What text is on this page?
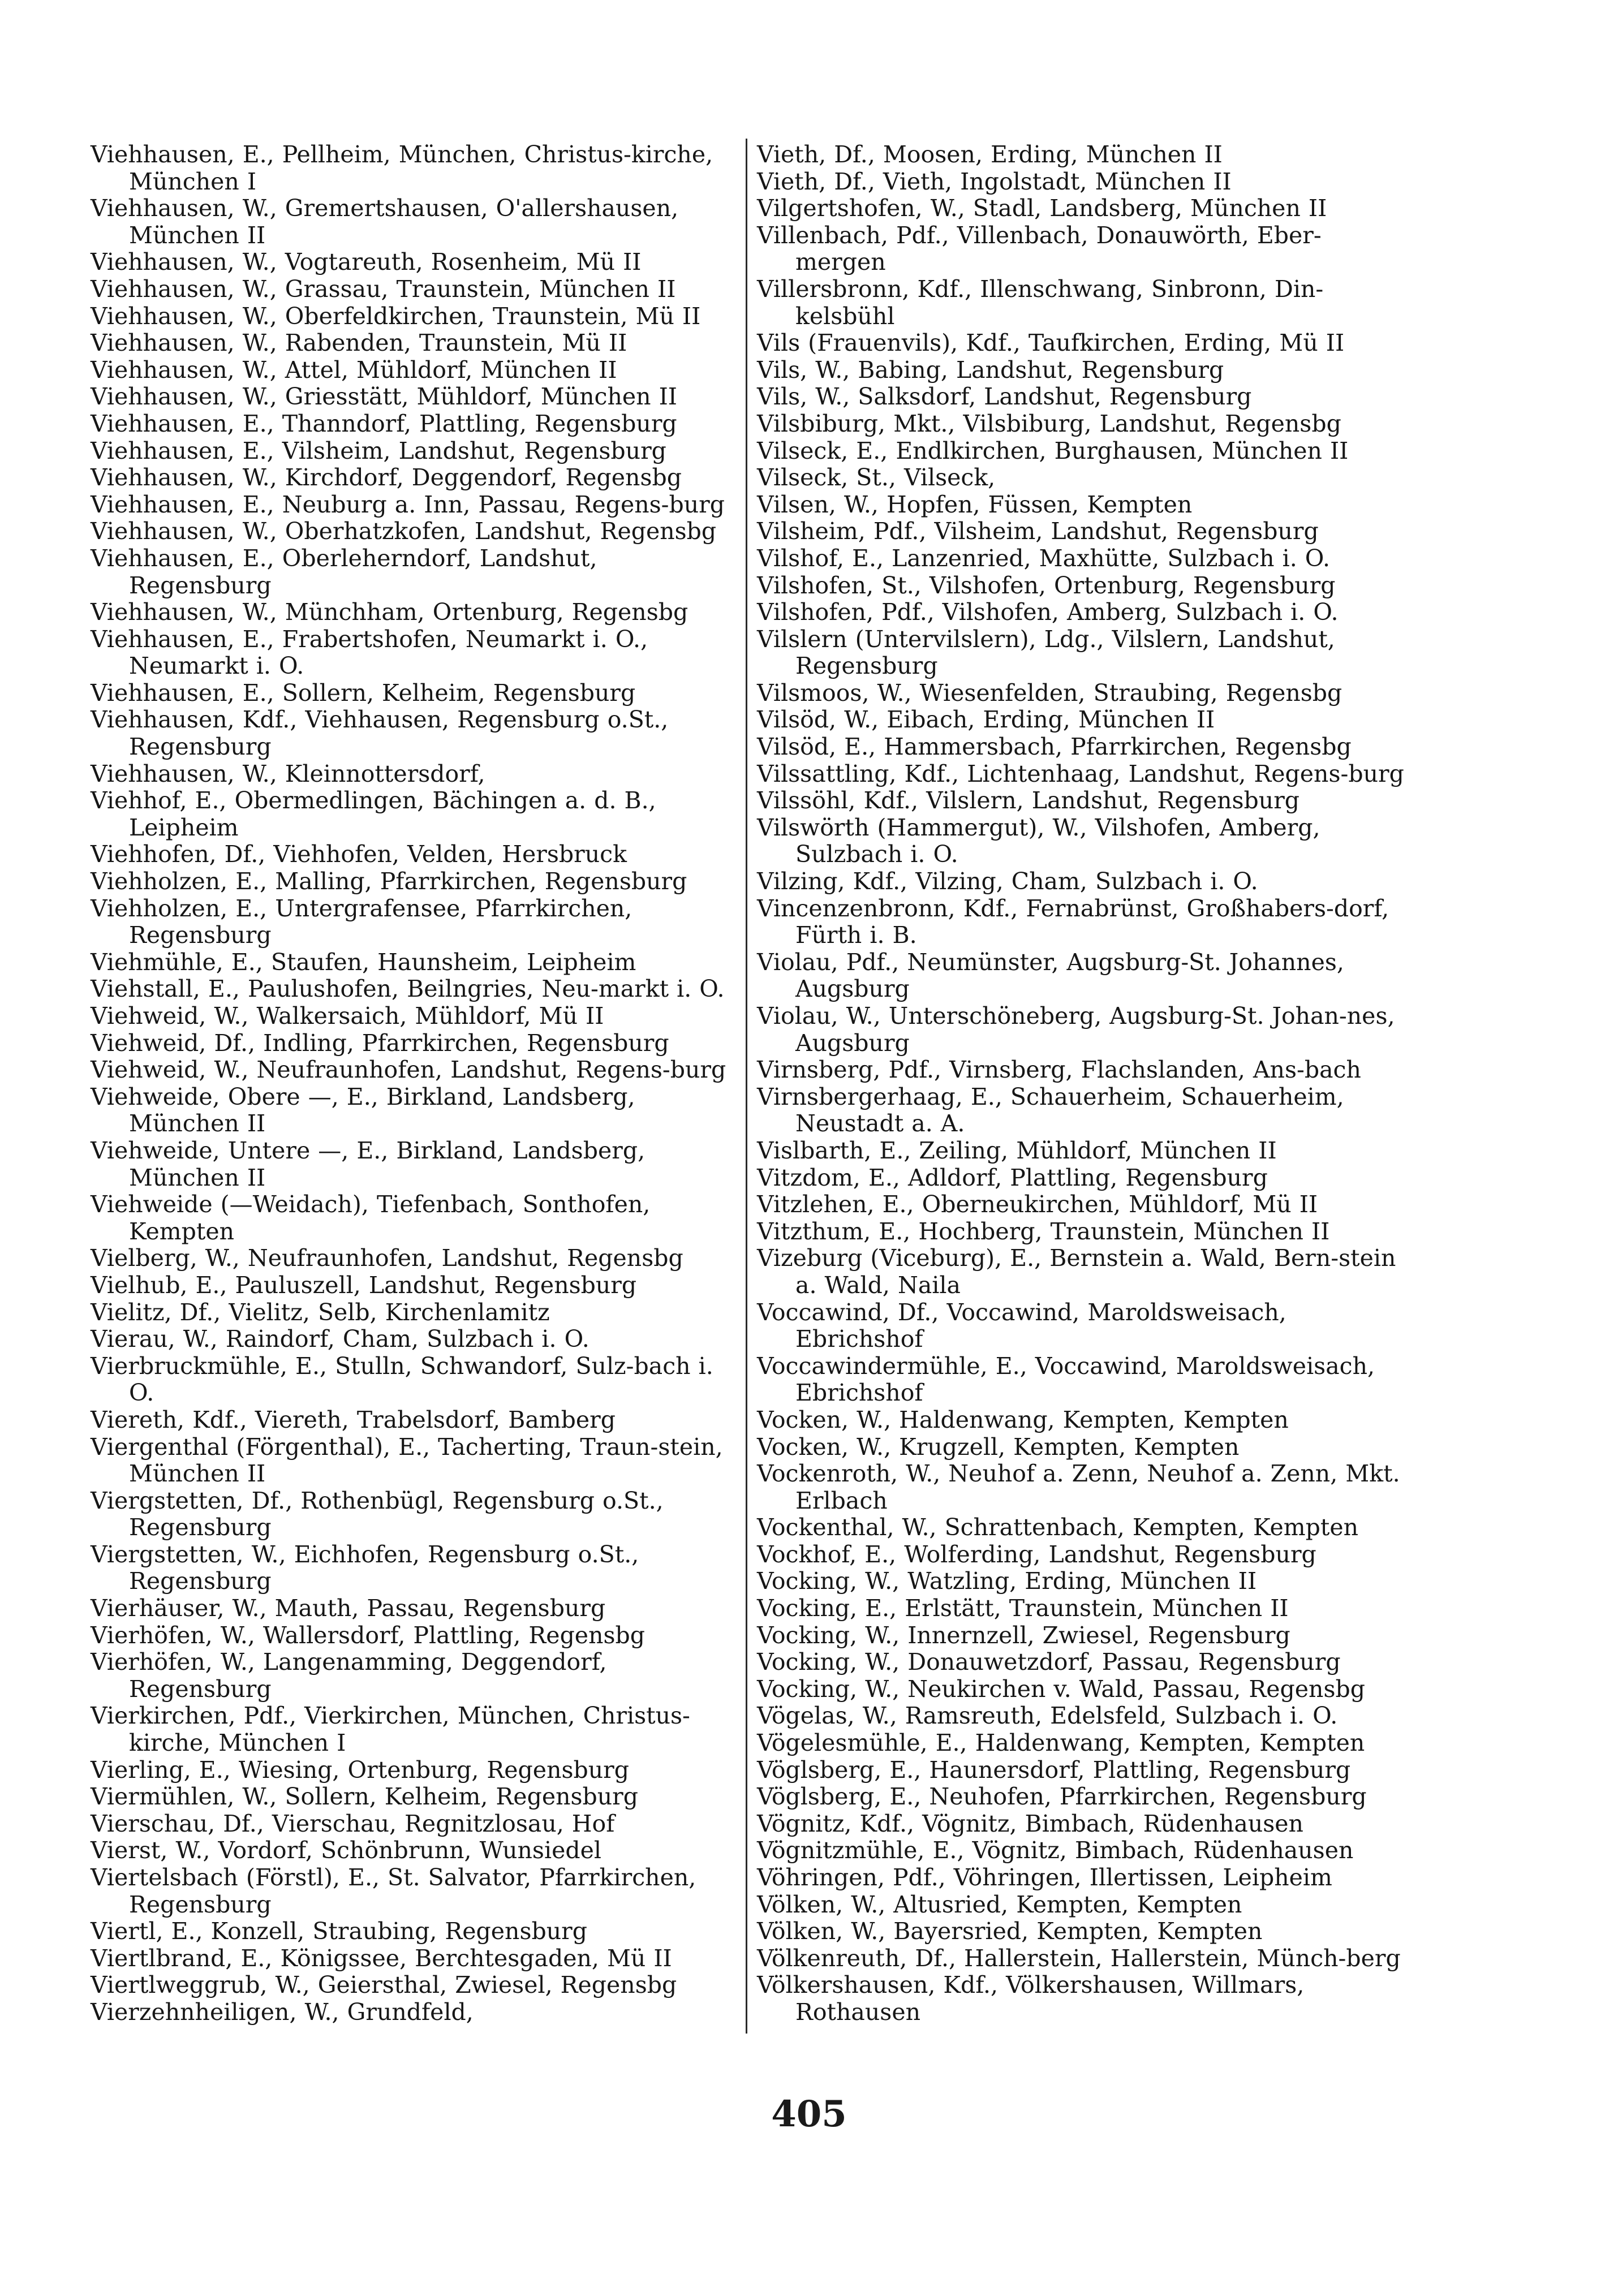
Viehhausen, E., Pellheim, München, Christus-kirche, München I

Viehhausen, W., Gremertshausen, O'allershausen, München II

Viehhausen, W., Vogtareuth, Rosenheim, Mü II

Viehhausen, W., Grassau, Traunstein, München II

Viehhausen, W., Oberfeldkirchen, Traunstein, Mü II

Viehhausen, W., Rabenden, Traunstein, Mü II

Viehhausen, W., Attel, Mühldorf, München II

Viehhausen, W., Griesstätt, Mühldorf, München II

Viehhausen, E., Thanndorf, Plattling, Regensburg

Viehhausen, E., Vilsheim, Landshut, Regensburg

Viehhausen, W., Kirchdorf, Deggendorf, Regensbg

Viehhausen, E., Neuburg a. Inn, Passau, Regens-burg

Viehhausen, W., Oberhatzkofen, Landshut, Regensbg

Viehhausen, E., Oberleherndorf, Landshut, Regensburg

Viehhausen, W., Münchham, Ortenburg, Regensbg

Viehhausen, E., Frabertshofen, Neumarkt i. O., Neumarkt i. O.

Viehhausen, E., Sollern, Kelheim, Regensburg

Viehhausen, Kdf., Viehhausen, Regensburg o.St., Regensburg

Viehhausen, W., Kleinnottersdorf,

Viehhof, E., Obermedlingen, Bächingen a. d. B., Leipheim

Viehhofen, Df., Viehhofen, Velden, Hersbruck

Viehholzen, E., Malling, Pfarrkirchen, Regensburg

Viehholzen, E., Untergrafensee, Pfarrkirchen, Regensburg

Viehmühle, E., Staufen, Haunsheim, Leipheim

Viehstall, E., Paulushofen, Beilngries, Neu-markt i. O.

Viehweid, W., Walkersaich, Mühldorf, Mü II

Viehweid, Df., Indling, Pfarrkirchen, Regensburg

Viehweid, W., Neufraunhofen, Landshut, Regens-burg

Viehweide, Obere —, E., Birkland, Landsberg, München II

Viehweide, Untere —, E., Birkland, Landsberg, München II

Viehweide (—Weidach), Tiefenbach, Sonthofen, Kempten

Vielberg, W., Neufraunhofen, Landshut, Regensbg

Vielhub, E., Pauluszell, Landshut, Regensburg

Vielitz, Df., Vielitz, Selb, Kirchenlamitz

Vierau, W., Raindorf, Cham, Sulzbach i. O.

Vierbruckmühle, E., Stulln, Schwandorf, Sulz-bach i. O.

Viereth, Kdf., Viereth, Trabelsdorf, Bamberg

Viergenthal (Förgenthal), E., Tacherting, Traun-stein, München II

Viergstetten, Df., Rothenbügl, Regensburg o.St., Regensburg

Viergstetten, W., Eichhofen, Regensburg o.St., Regensburg

Vierhäuser, W., Mauth, Passau, Regensburg

Vierhöfen, W., Wallersdorf, Plattling, Regensbg

Vierhöfen, W., Langenamming, Deggendorf, Regensburg

Vierkirchen, Pdf., Vierkirchen, München, Christus-kirche, München I

Vierling, E., Wiesing, Ortenburg, Regensburg

Viermühlen, W., Sollern, Kelheim, Regensburg

Vierschau, Df., Vierschau, Regnitzlosau, Hof

Vierst, W., Vordorf, Schönbrunn, Wunsiedel

Viertelsbach (Förstl), E., St. Salvator, Pfarrkirchen, Regensburg

Viertl, E., Konzell, Straubing, Regensburg

Viertlbrand, E., Königssee, Berchtesgaden, Mü II

Viertlweggrub, W., Geiersthal, Zwiesel, Regensbg

Vierzehnheiligen, W., Grundfeld,

Vieth, Df., Moosen, Erding, München II

Vieth, Df., Vieth, Ingolstadt, München II

Vilgertshofen, W., Stadl, Landsberg, München II

Villenbach, Pdf., Villenbach, Donauwörth, Eber-mergen

Villersbronn, Kdf., Illenschwang, Sinbronn, Din-kelsbühl

Vils (Frauenvils), Kdf., Taufkirchen, Erding, Mü II

Vils, W., Babing, Landshut, Regensburg

Vils, W., Salksdorf, Landshut, Regensburg

Vilsbiburg, Mkt., Vilsbiburg, Landshut, Regensbg

Vilseck, E., Endlkirchen, Burghausen, München II

Vilseck, St., Vilseck,

Vilsen, W., Hopfen, Füssen, Kempten

Vilsheim, Pdf., Vilsheim, Landshut, Regensburg

Vilshof, E., Lanzenried, Maxhütte, Sulzbach i. O.

Vilshofen, St., Vilshofen, Ortenburg, Regensburg

Vilshofen, Pdf., Vilshofen, Amberg, Sulzbach i. O.

Vilslern (Untervilslern), Ldg., Vilslern, Landshut, Regensburg

Vilsmoos, W., Wiesenfelden, Straubing, Regensbg

Vilsöd, W., Eibach, Erding, München II

Vilsöd, E., Hammersbach, Pfarrkirchen, Regensbg

Vilssattling, Kdf., Lichtenhaag, Landshut, Regens-burg

Vilssöhl, Kdf., Vilslern, Landshut, Regensburg

Vilswörth (Hammergut), W., Vilshofen, Amberg, Sulzbach i. O.

Vilzing, Kdf., Vilzing, Cham, Sulzbach i. O.

Vincenzenbronn, Kdf., Fernabrünst, Großhabers-dorf, Fürth i. B.

Violau, Pdf., Neumünster, Augsburg-St. Johannes, Augsburg

Violau, W., Unterschöneberg, Augsburg-St. Johan-nes, Augsburg

Virnsberg, Pdf., Virnsberg, Flachslanden, Ans-bach

Virnsbergerhaag, E., Schauerheim, Schauerheim, Neustadt a. A.

Vislbarth, E., Zeiling, Mühldorf, München II

Vitzdom, E., Adldorf, Plattling, Regensburg

Vitzlehen, E., Oberneukirchen, Mühldorf, Mü II

Vitzthum, E., Hochberg, Traunstein, München II

Vizeburg (Viceburg), E., Bernstein a. Wald, Bern-stein a. Wald, Naila

Voccawind, Df., Voccawind, Maroldsweisach, Ebrichshof

Voccawindermühle, E., Voccawind, Maroldsweisach, Ebrichshof

Vocken, W., Haldenwang, Kempten, Kempten

Vocken, W., Krugzell, Kempten, Kempten

Vockenroth, W., Neuhof a. Zenn, Neuhof a. Zenn, Mkt. Erlbach

Vockenthal, W., Schrattenbach, Kempten, Kempten

Vockhof, E., Wolferding, Landshut, Regensburg

Vocking, W., Watzling, Erding, München II

Vocking, E., Erlstätt, Traunstein, München II

Vocking, W., Innernzell, Zwiesel, Regensburg

Vocking, W., Donauwetzdorf, Passau, Regensburg

Vocking, W., Neukirchen v. Wald, Passau, Regensbg

Vögelas, W., Ramsreuth, Edelsfeld, Sulzbach i. O.

Vögelesmühle, E., Haldenwang, Kempten, Kempten

Vöglsberg, E., Haunersdorf, Plattling, Regensburg

Vöglsberg, E., Neuhofen, Pfarrkirchen, Regensburg

Vögnitz, Kdf., Vögnitz, Bimbach, Rüdenhausen

Vögnitzmühle, E., Vögnitz, Bimbach, Rüdenhausen

Vöhringen, Pdf., Vöhringen, Illertissen, Leipheim

Völken, W., Altusried, Kempten, Kempten

Völken, W., Bayersried, Kempten, Kempten

Völkenreuth, Df., Hallerstein, Hallerstein, Münch-berg

Völkershausen, Kdf., Völkershausen, Willmars, Rothausen

405
